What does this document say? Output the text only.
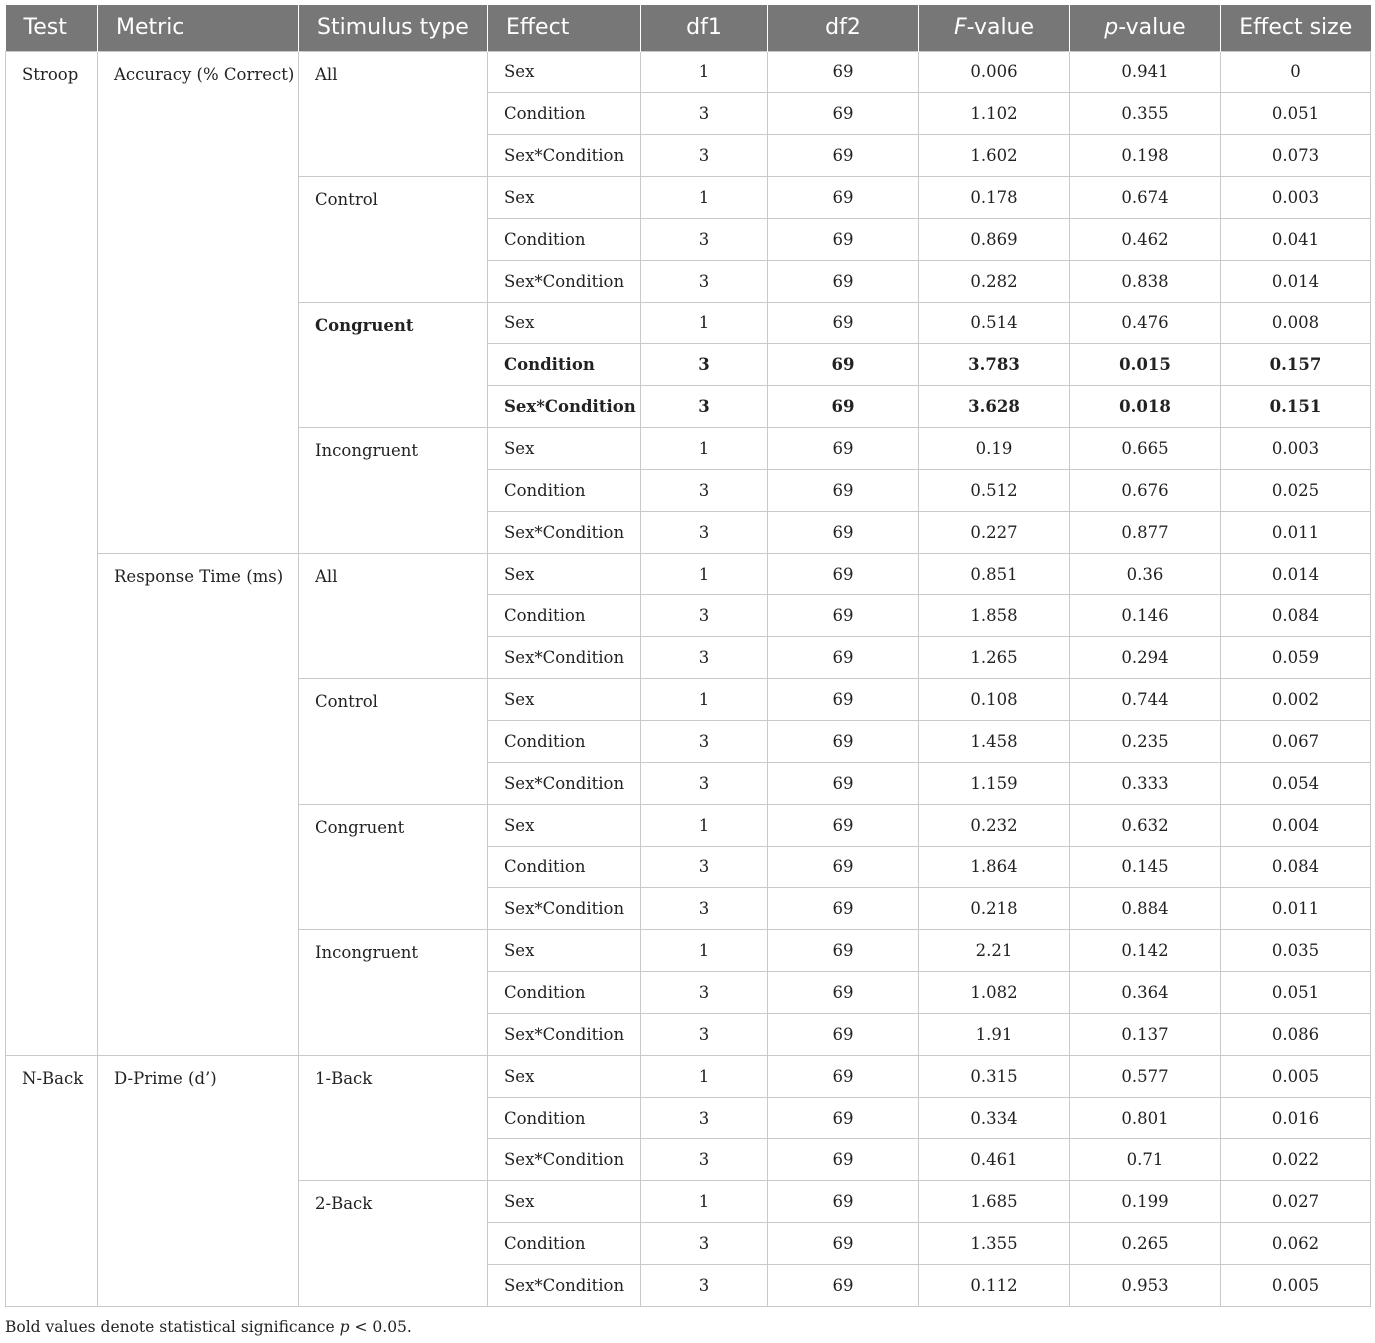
Test	Metric	Stimulus type	Effect	df1	df2	F-value	p-value	Effect size
Stroop	Accuracy (% Correct)	All	Sex	1	69	0.006	0.941	0
			Condition	3	69	1.102	0.355	0.051
			Sex*Condition	3	69	1.602	0.198	0.073
		Control	Sex	1	69	0.178	0.674	0.003
			Condition	3	69	0.869	0.462	0.041
			Sex*Condition	3	69	0.282	0.838	0.014
		Congruent	Sex	1	69	0.514	0.476	0.008
			Condition	3	69	3.783	0.015	0.157
			Sex*Condition	3	69	3.628	0.018	0.151
		Incongruent	Sex	1	69	0.19	0.665	0.003
			Condition	3	69	0.512	0.676	0.025
			Sex*Condition	3	69	0.227	0.877	0.011
	Response Time (ms)	All	Sex	1	69	0.851	0.36	0.014
			Condition	3	69	1.858	0.146	0.084
			Sex*Condition	3	69	1.265	0.294	0.059
		Control	Sex	1	69	0.108	0.744	0.002
			Condition	3	69	1.458	0.235	0.067
			Sex*Condition	3	69	1.159	0.333	0.054
		Congruent	Sex	1	69	0.232	0.632	0.004
			Condition	3	69	1.864	0.145	0.084
			Sex*Condition	3	69	0.218	0.884	0.011
		Incongruent	Sex	1	69	2.21	0.142	0.035
			Condition	3	69	1.082	0.364	0.051
			Sex*Condition	3	69	1.91	0.137	0.086
N-Back	D-Prime (d’)	1-Back	Sex	1	69	0.315	0.577	0.005
			Condition	3	69	0.334	0.801	0.016
			Sex*Condition	3	69	0.461	0.71	0.022
		2-Back	Sex	1	69	1.685	0.199	0.027
			Condition	3	69	1.355	0.265	0.062
			Sex*Condition	3	69	0.112	0.953	0.005
Bold values denote statistical significance p < 0.05.
